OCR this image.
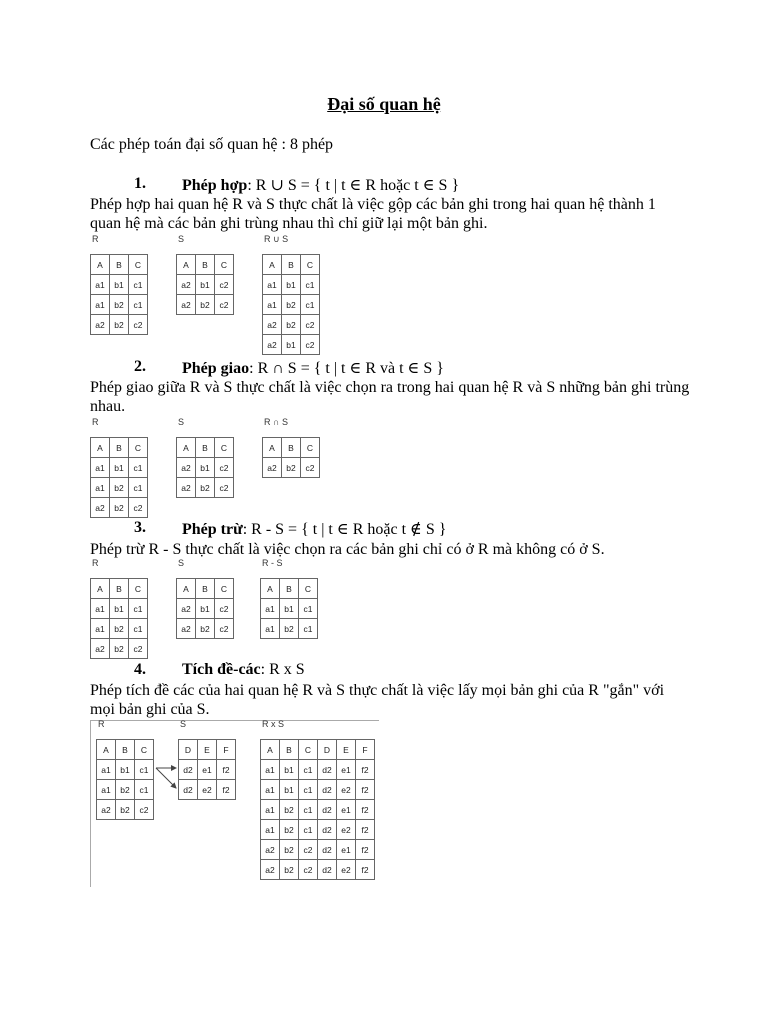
Đại số quan hệ
Các phép toán đại số quan hệ : 8 phép
1. Phép hợp: R ∪ S = { t | t ∈ R hoặc t ∈ S }
Phép hợp hai quan hệ R và S thực chất là việc gộp các bản ghi trong hai quan hệ thành 1 quan hệ mà các bản ghi trùng nhau thì chỉ giữ lại một bản ghi.
R
A	B	C
a1	b1	c1
a1	b2	c1
a2	b2	c2
S
A	B	C
a2	b1	c2
a2	b2	c2
R ∪ S
A	B	C
a1	b1	c1
a1	b2	c1
a2	b2	c2
a2	b1	c2
2. Phép giao: R ∩ S = { t | t ∈ R và t ∈ S }
Phép giao giữa R và S thực chất là việc chọn ra trong hai quan hệ R và S những bản ghi trùng nhau.
R
A	B	C
a1	b1	c1
a1	b2	c1
a2	b2	c2
S
A	B	C
a2	b1	c2
a2	b2	c2
R ∩ S
A	B	C
a2	b2	c2
3. Phép trừ: R - S = { t | t ∈ R hoặc t ∉ S }
Phép trừ R - S thực chất là việc chọn ra các bản ghi chỉ có ở R mà không có ở S.
R
A	B	C
a1	b1	c1
a1	b2	c1
a2	b2	c2
S
A	B	C
a2	b1	c2
a2	b2	c2
R - S
A	B	C
a1	b1	c1
a1	b2	c1
4. Tích đề-các: R x S
Phép tích đề các của hai quan hệ R và S thực chất là việc lấy mọi bản ghi của R "gắn" với mọi bản ghi của S.
R
A	B	C
a1	b1	c1
a1	b2	c1
a2	b2	c2
S
D	E	F
d2	e1	f2
d2	e2	f2
R x S
A	B	C	D	E	F
a1	b1	c1	d2	e1	f2
a1	b1	c1	d2	e2	f2
a1	b2	c1	d2	e1	f2
a1	b2	c1	d2	e2	f2
a2	b2	c2	d2	e1	f2
a2	b2	c2	d2	e2	f2
